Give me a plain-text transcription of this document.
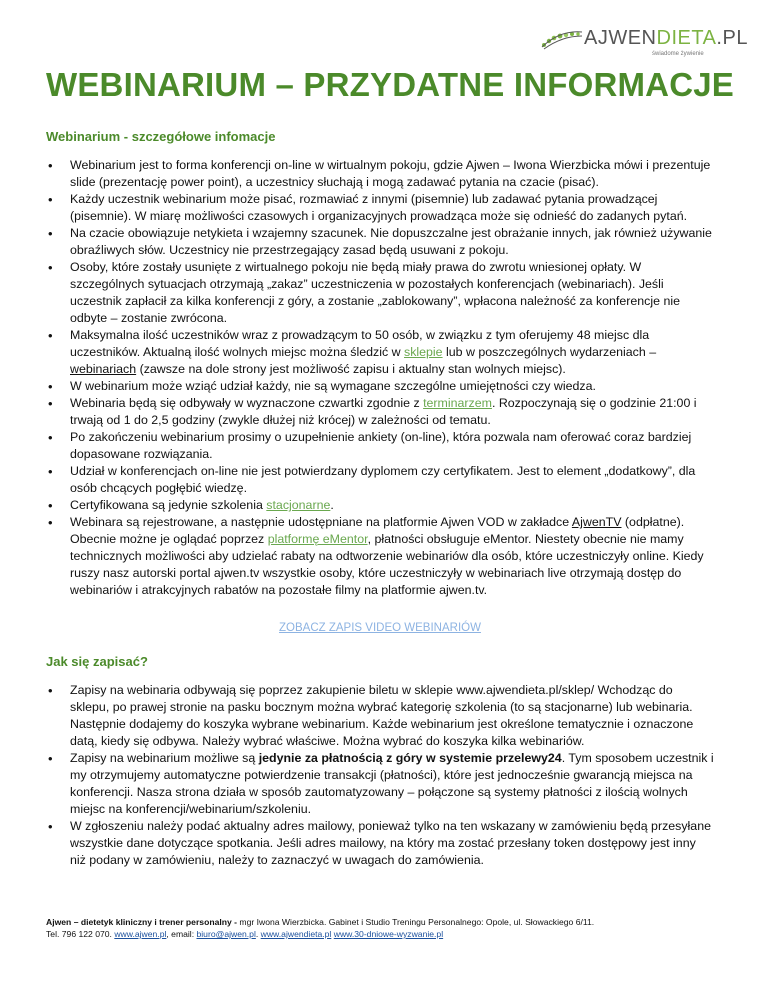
AJWENDIETA.PL
świadome żywienie
WEBINARIUM – PRZYDATNE INFORMACJE
Webinarium - szczegółowe infomacje
• Webinarium jest to forma konferencji on-line w wirtualnym pokoju, gdzie Ajwen – Iwona Wierzbicka mówi i prezentuje slide (prezentację power point), a uczestnicy słuchają i mogą zadawać pytania na czacie (pisać).
• Każdy uczestnik webinarium może pisać, rozmawiać z innymi (pisemnie) lub zadawać pytania prowadzącej (pisemnie). W miarę możliwości czasowych i organizacyjnych prowadząca może się odnieść do zadanych pytań.
• Na czacie obowiązuje netykieta i wzajemny szacunek. Nie dopuszczalne jest obrażanie innych, jak również używanie obraźliwych słów. Uczestnicy nie przestrzegający zasad będą usuwani z pokoju.
• Osoby, które zostały usunięte z wirtualnego pokoju nie będą miały prawa do zwrotu wniesionej opłaty. W szczególnych sytuacjach otrzymają „zakaz” uczestniczenia w pozostałych konferencjach (webinariach). Jeśli uczestnik zapłacił za kilka konferencji z góry, a zostanie „zablokowany”, wpłacona należność za konferencje nie odbyte – zostanie zwrócona.
• Maksymalna ilość uczestników wraz z prowadzącym to 50 osób, w związku z tym oferujemy 48 miejsc dla uczestników. Aktualną ilość wolnych miejsc można śledzić w sklepie lub w poszczególnych wydarzeniach – webinariach (zawsze na dole strony jest możliwość zapisu i aktualny stan wolnych miejsc).
• W webinarium może wziąć udział każdy, nie są wymagane szczególne umiejętności czy wiedza.
• Webinaria będą się odbywały w wyznaczone czwartki zgodnie z terminarzem. Rozpoczynają się o godzinie 21:00 i trwają od 1 do 2,5 godziny (zwykle dłużej niż krócej) w zależności od tematu.
• Po zakończeniu webinarium prosimy o uzupełnienie ankiety (on-line), która pozwala nam oferować coraz bardziej dopasowane rozwiązania.
• Udział w konferencjach on-line nie jest potwierdzany dyplomem czy certyfikatem. Jest to element „dodatkowy”, dla osób chcących pogłębić wiedzę.
• Certyfikowana są jedynie szkolenia stacjonarne.
• Webinara są rejestrowane, a następnie udostępniane na platformie Ajwen VOD w zakładce AjwenTV (odpłatne). Obecnie możne je oglądać poprzez platformę eMentor, płatności obsługuje eMentor. Niestety obecnie nie mamy technicznych możliwości aby udzielać rabaty na odtworzenie webinariów dla osób, które uczestniczyły online. Kiedy ruszy nasz autorski portal ajwen.tv wszystkie osoby, które uczestniczyły w webinariach live otrzymają dostęp do webinariów i atrakcyjnych rabatów na pozostałe filmy na platformie ajwen.tv.
ZOBACZ ZAPIS VIDEO WEBINARIÓW
Jak się zapisać?
• Zapisy na webinaria odbywają się poprzez zakupienie biletu w sklepie www.ajwendieta.pl/sklep/ Wchodząc do sklepu, po prawej stronie na pasku bocznym można wybrać kategorię szkolenia (to są stacjonarne) lub webinaria. Następnie dodajemy do koszyka wybrane webinarium. Każde webinarium jest określone tematycznie i oznaczone datą, kiedy się odbywa. Należy wybrać właściwe. Można wybrać do koszyka kilka webinariów.
• Zapisy na webinarium możliwe są jedynie za płatnością z góry w systemie przelewy24. Tym sposobem uczestnik i my otrzymujemy automatyczne potwierdzenie transakcji (płatności), które jest jednocześnie gwarancją miejsca na konferencji. Nasza strona działa w sposób zautomatyzowany – połączone są systemy płatności z ilością wolnych miejsc na konferencji/webinarium/szkoleniu.
• W zgłoszeniu należy podać aktualny adres mailowy, ponieważ tylko na ten wskazany w zamówieniu będą przesyłane wszystkie dane dotyczące spotkania. Jeśli adres mailowy, na który ma zostać przesłany token dostępowy jest inny niż podany w zamówieniu, należy to zaznaczyć w uwagach do zamówienia.
Ajwen – dietetyk kliniczny i trener personalny - mgr Iwona Wierzbicka. Gabinet i Studio Treningu Personalnego: Opole, ul. Słowackiego 6/11.
Tel. 796 122 070. www.ajwen.pl, email: biuro@ajwen.pl. www.ajwendieta.pl www.30-dniowe-wyzwanie.pl
